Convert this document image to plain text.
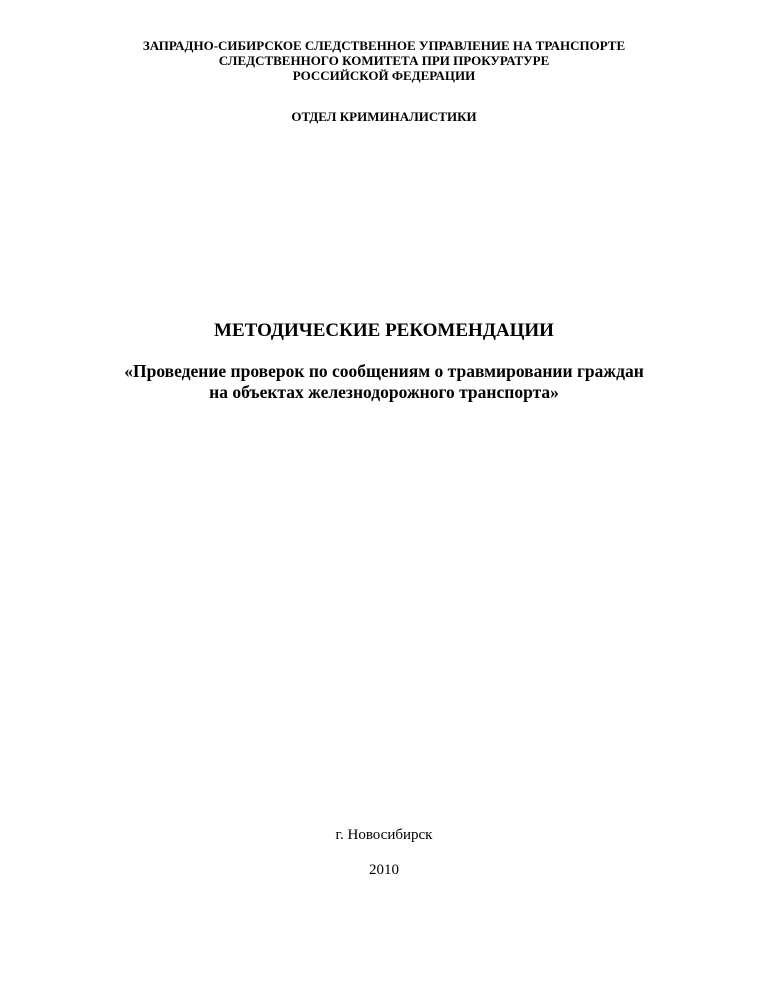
ЗАПРАДНО-СИБИРСКОЕ СЛЕДСТВЕННОЕ УПРАВЛЕНИЕ НА ТРАНСПОРТЕ
СЛЕДСТВЕННОГО КОМИТЕТА ПРИ ПРОКУРАТУРЕ
РОССИЙСКОЙ ФЕДЕРАЦИИ
ОТДЕЛ КРИМИНАЛИСТИКИ
МЕТОДИЧЕСКИЕ РЕКОМЕНДАЦИИ
«Проведение проверок по сообщениям о травмировании граждан
на объектах железнодорожного транспорта»
г. Новосибирск
2010
